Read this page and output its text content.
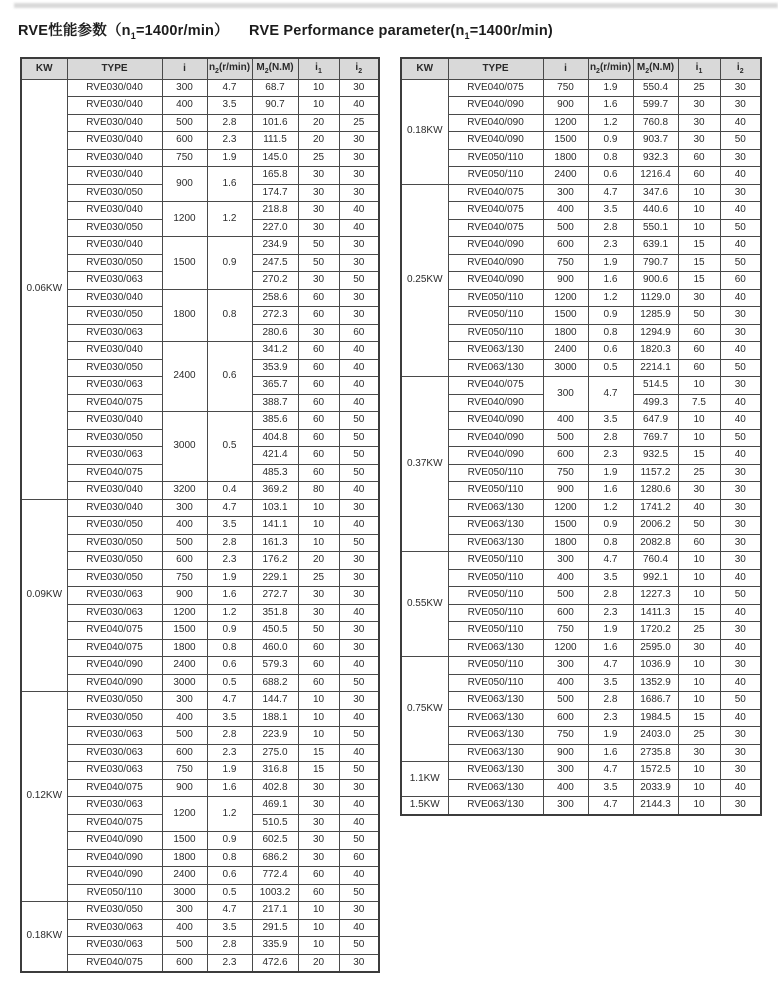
RVE性能参数$(n_1=1400r/\min)$ RVE Performance $parameter(n_1=1400r/\min)$
KW	TYPE	i	$n_2(r/\min)$	$M_2(N.M)$	$i_1$	$i_2$
0.06KW	RVE030/040	300	4.7	68.7	10	30
	RVE030/040	400	3.5	90.7	10	40
	RVE030/040	500	2.8	101.6	20	25
	RVE030/040	600	2.3	111.5	20	30
	RVE030/040	750	1.9	145.0	25	30
	RVE030/040	900	1.6	165.8	30	30
	RVE030/050			174.7	30	30
	RVE030/040	1200	1.2	218.8	30	40
	RVE030/050			227.0	30	40
	RVE030/040	1500	0.9	234.9	50	30
	RVE030/050			247.5	50	30
	RVE030/063			270.2	30	50
	RVE030/040	1800	0.8	258.6	60	30
	RVE030/050			272.3	60	30
	RVE030/063			280.6	30	60
	RVE030/040	2400	0.6	341.2	60	40
	RVE030/050			353.9	60	40
	RVE030/063			365.7	60	40
	RVE040/075			388.7	60	40
	RVE030/040	3000	0.5	385.6	60	50
	RVE030/050			404.8	60	50
	RVE030/063			421.4	60	50
	RVE040/075			485.3	60	50
	RVE030/040	3200	0.4	369.2	80	40
0.09KW	RVE030/040	300	4.7	103.1	10	30
	RVE030/050	400	3.5	141.1	10	40
	RVE030/050	500	2.8	161.3	10	50
	RVE030/050	600	2.3	176.2	20	30
	RVE030/050	750	1.9	229.1	25	30
	RVE030/063	900	1.6	272.7	30	30
	RVE030/063	1200	1.2	351.8	30	40
	RVE040/075	1500	0.9	450.5	50	30
	RVE040/075	1800	0.8	460.0	60	30
	RVE040/090	2400	0.6	579.3	60	40
	RVE040/090	3000	0.5	688.2	60	50
0.12KW	RVE030/050	300	4.7	144.7	10	30
	RVE030/050	400	3.5	188.1	10	40
	RVE030/063	500	2.8	223.9	10	50
	RVE030/063	600	2.3	275.0	15	40
	RVE030/063	750	1.9	316.8	15	50
	RVE040/075	900	1.6	402.8	30	30
	RVE030/063	1200	1.2	469.1	30	40
	RVE040/075			510.5	30	40
	RVE040/090	1500	0.9	602.5	30	50
	RVE040/090	1800	0.8	686.2	30	60
	RVE040/090	2400	0.6	772.4	60	40
	RVE050/110	3000	0.5	1003.2	60	50
0.18KW	RVE030/050	300	4.7	217.1	10	30
	RVE030/063	400	3.5	291.5	10	40
	RVE030/063	500	2.8	335.9	10	50
	RVE040/075	600	2.3	472.6	20	30
KW	TYPE	i	$n_2(r/\min)$	$M_2(N.M)$	$i_1$	$i_2$
0.18KW	RVE040/075	750	1.9	550.4	25	30
	RVE040/090	900	1.6	599.7	30	30
	RVE040/090	1200	1.2	760.8	30	40
	RVE040/090	1500	0.9	903.7	30	50
	RVE050/110	1800	0.8	932.3	60	30
	RVE050/110	2400	0.6	1216.4	60	40
0.25KW	RVE040/075	300	4.7	347.6	10	30
	RVE040/075	400	3.5	440.6	10	40
	RVE040/075	500	2.8	550.1	10	50
	RVE040/090	600	2.3	639.1	15	40
	RVE040/090	750	1.9	790.7	15	50
	RVE040/090	900	1.6	900.6	15	60
	RVE050/110	1200	1.2	1129.0	30	40
	RVE050/110	1500	0.9	1285.9	50	30
	RVE050/110	1800	0.8	1294.9	60	30
	RVE063/130	2400	0.6	1820.3	60	40
	RVE063/130	3000	0.5	2214.1	60	50
0.37KW	RVE040/075	300	4.7	514.5	10	30
	RVE040/090			499.3	7.5	40
	RVE040/090	400	3.5	647.9	10	40
	RVE040/090	500	2.8	769.7	10	50
	RVE040/090	600	2.3	932.5	15	40
	RVE050/110	750	1.9	1157.2	25	30
	RVE050/110	900	1.6	1280.6	30	30
	RVE063/130	1200	1.2	1741.2	40	30
	RVE063/130	1500	0.9	2006.2	50	30
	RVE063/130	1800	0.8	2082.8	60	30
0.55KW	RVE050/110	300	4.7	760.4	10	30
	RVE050/110	400	3.5	992.1	10	40
	RVE050/110	500	2.8	1227.3	10	50
	RVE050/110	600	2.3	1411.3	15	40
	RVE050/110	750	1.9	1720.2	25	30
	RVE063/130	1200	1.6	2595.0	30	40
0.75KW	RVE050/110	300	4.7	1036.9	10	30
	RVE050/110	400	3.5	1352.9	10	40
	RVE063/130	500	2.8	1686.7	10	50
	RVE063/130	600	2.3	1984.5	15	40
	RVE063/130	750	1.9	2403.0	25	30
	RVE063/130	900	1.6	2735.8	30	30
1.1KW	RVE063/130	300	4.7	1572.5	10	30
	RVE063/130	400	3.5	2033.9	10	40
1.5KW	RVE063/130	300	4.7	2144.3	10	30
